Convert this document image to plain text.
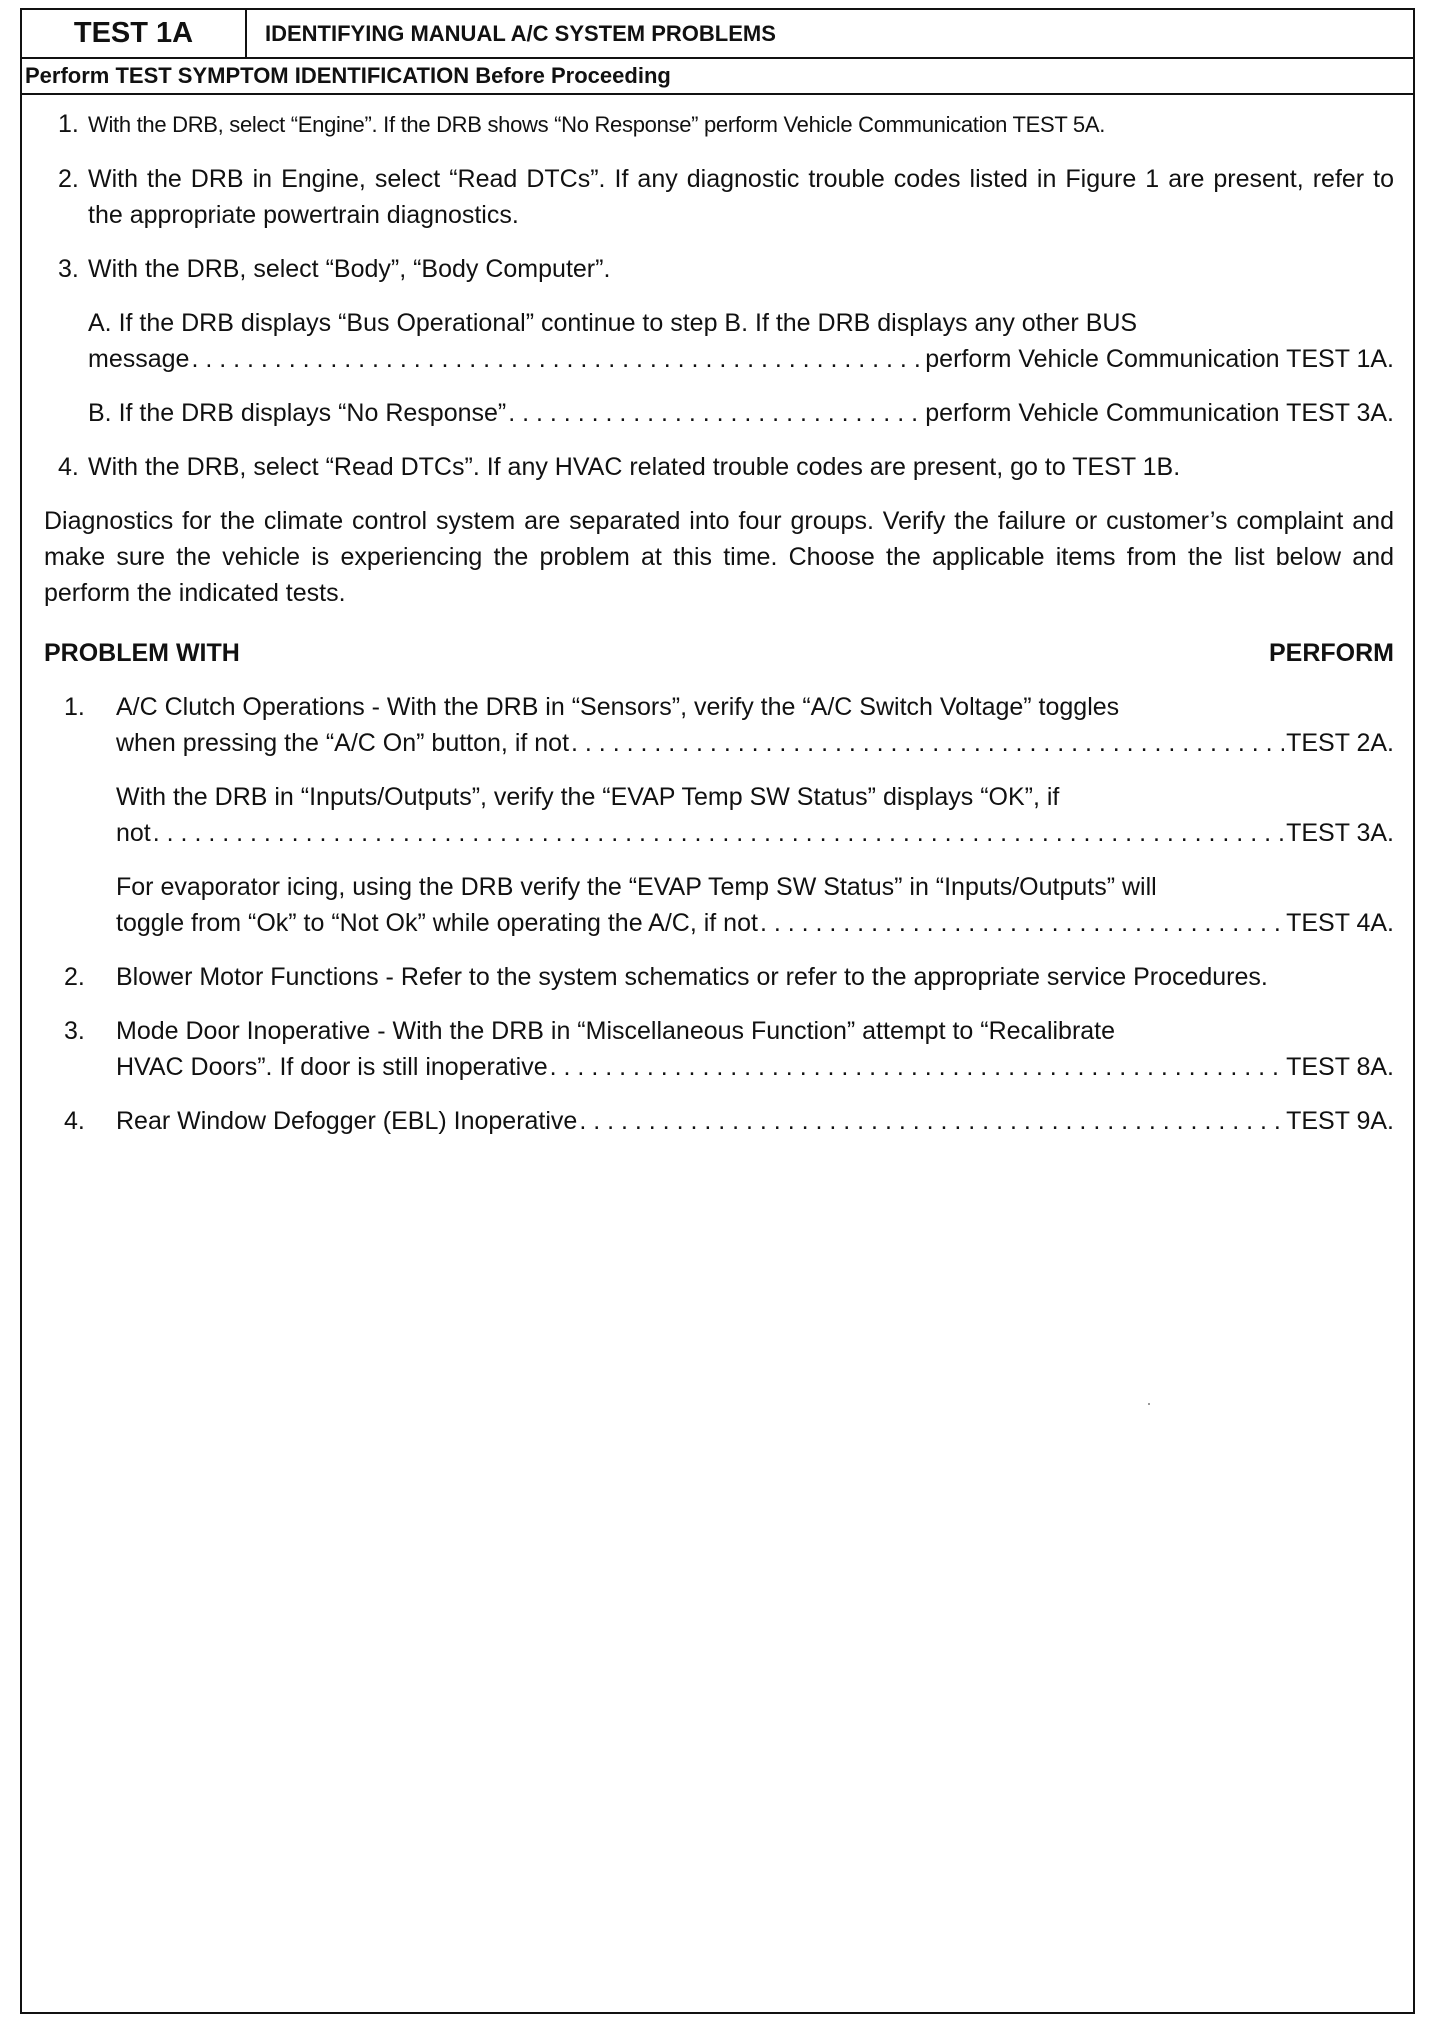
TEST 1A	IDENTIFYING MANUAL A/C SYSTEM PROBLEMS
Perform TEST SYMPTOM IDENTIFICATION Before Proceeding
1. With the DRB, select “Engine”. If the DRB shows “No Response” perform Vehicle Communication TEST 5A.
2. With the DRB in Engine, select “Read DTCs”. If any diagnostic trouble codes listed in Figure 1 are present, refer to the appropriate powertrain diagnostics.
3. With the DRB, select “Body”, “Body Computer”.
A. If the DRB displays “Bus Operational” continue to step B. If the DRB displays any other BUS
message . . .	perform Vehicle Communication TEST 1A.
B. If the DRB displays “No Response” . . .	perform Vehicle Communication TEST 3A.
4. With the DRB, select “Read DTCs”. If any HVAC related trouble codes are present, go to TEST 1B.
Diagnostics for the climate control system are separated into four groups. Verify the failure or customer’s complaint and make sure the vehicle is experiencing the problem at this time. Choose the applicable items from the list below and perform the indicated tests.
PROBLEM WITH	PERFORM
1. A/C Clutch Operations - With the DRB in “Sensors”, verify the “A/C Switch Voltage” toggles
when pressing the “A/C On” button, if not . . .	TEST 2A.
With the DRB in “Inputs/Outputs”, verify the “EVAP Temp SW Status” displays “OK”, if
not . . .	TEST 3A.
For evaporator icing, using the DRB verify the “EVAP Temp SW Status” in “Inputs/Outputs” will
toggle from “Ok” to “Not Ok” while operating the A/C, if not . . .	TEST 4A.
2. Blower Motor Functions - Refer to the system schematics or refer to the appropriate service Procedures.
3. Mode Door Inoperative - With the DRB in “Miscellaneous Function” attempt to “Recalibrate
HVAC Doors”. If door is still inoperative . . .	TEST 8A.
4. Rear Window Defogger (EBL) Inoperative . . .	TEST 9A.
